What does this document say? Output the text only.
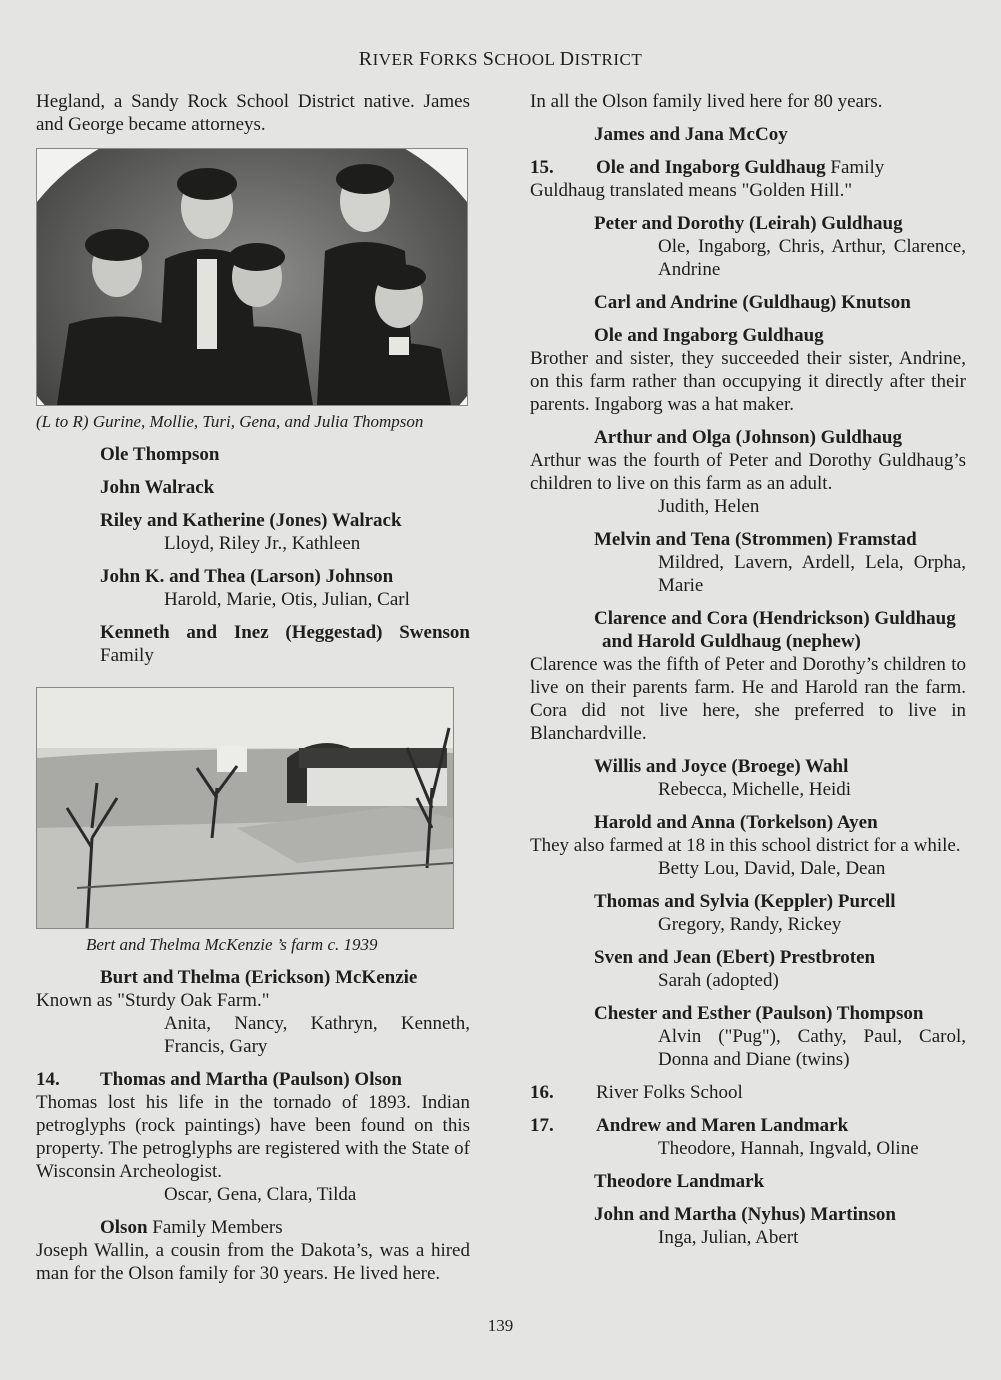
RIVER FORKS SCHOOL DISTRICT

Hegland, a Sandy Rock School District native. James and George became attorneys.

(L to R) Gurine, Mollie, Turi, Gena, and Julia Thompson

Ole Thompson

John Walrack

Riley and Katherine (Jones) Walrack

Lloyd, Riley Jr., Kathleen

John K. and Thea (Larson) Johnson

Harold, Marie, Otis, Julian, Carl

Kenneth and Inez (Heggestad) Swenson

Family

Bert and Thelma McKenzie ’s farm c. 1939

Burt and Thelma (Erickson) McKenzie

Known as "Sturdy Oak Farm."

Anita, Nancy, Kathryn, Kenneth, Francis, Gary

14. Thomas and Martha (Paulson) Olson

Thomas lost his life in the tornado of 1893. Indian petroglyphs (rock paintings) have been found on this property. The petroglyphs are registered with the State of Wisconsin Archeologist.

Oscar, Gena, Clara, Tilda

Olson Family Members

Joseph Wallin, a cousin from the Dakota’s, was a hired man for the Olson family for 30 years. He lived here.

In all the Olson family lived here for 80 years.

James and Jana McCoy

15. Ole and Ingaborg Guldhaug Family

Guldhaug translated means "Golden Hill."

Peter and Dorothy (Leirah) Guldhaug

Ole, Ingaborg, Chris, Arthur, Clarence, Andrine

Carl and Andrine (Guldhaug) Knutson

Ole and Ingaborg Guldhaug

Brother and sister, they succeeded their sister, Andrine, on this farm rather than occupying it directly after their parents. Ingaborg was a hat maker.

Arthur and Olga (Johnson) Guldhaug

Arthur was the fourth of Peter and Dorothy Guldhaug’s children to live on this farm as an adult.

Judith, Helen

Melvin and Tena (Strommen) Framstad

Mildred, Lavern, Ardell, Lela, Orpha, Marie

Clarence and Cora (Hendrickson) Guldhaug

and Harold Guldhaug (nephew)

Clarence was the fifth of Peter and Dorothy’s children to live on their parents farm. He and Harold ran the farm. Cora did not live here, she preferred to live in Blanchardville.

Willis and Joyce (Broege) Wahl

Rebecca, Michelle, Heidi

Harold and Anna (Torkelson) Ayen

They also farmed at 18 in this school district for a while.

Betty Lou, David, Dale, Dean

Thomas and Sylvia (Keppler) Purcell

Gregory, Randy, Rickey

Sven and Jean (Ebert) Prestbroten

Sarah (adopted)

Chester and Esther (Paulson) Thompson

Alvin ("Pug"), Cathy, Paul, Carol, Donna and Diane (twins)

16. River Folks School

17. Andrew and Maren Landmark

Theodore, Hannah, Ingvald, Oline

Theodore Landmark

John and Martha (Nyhus) Martinson

Inga, Julian, Abert

139
